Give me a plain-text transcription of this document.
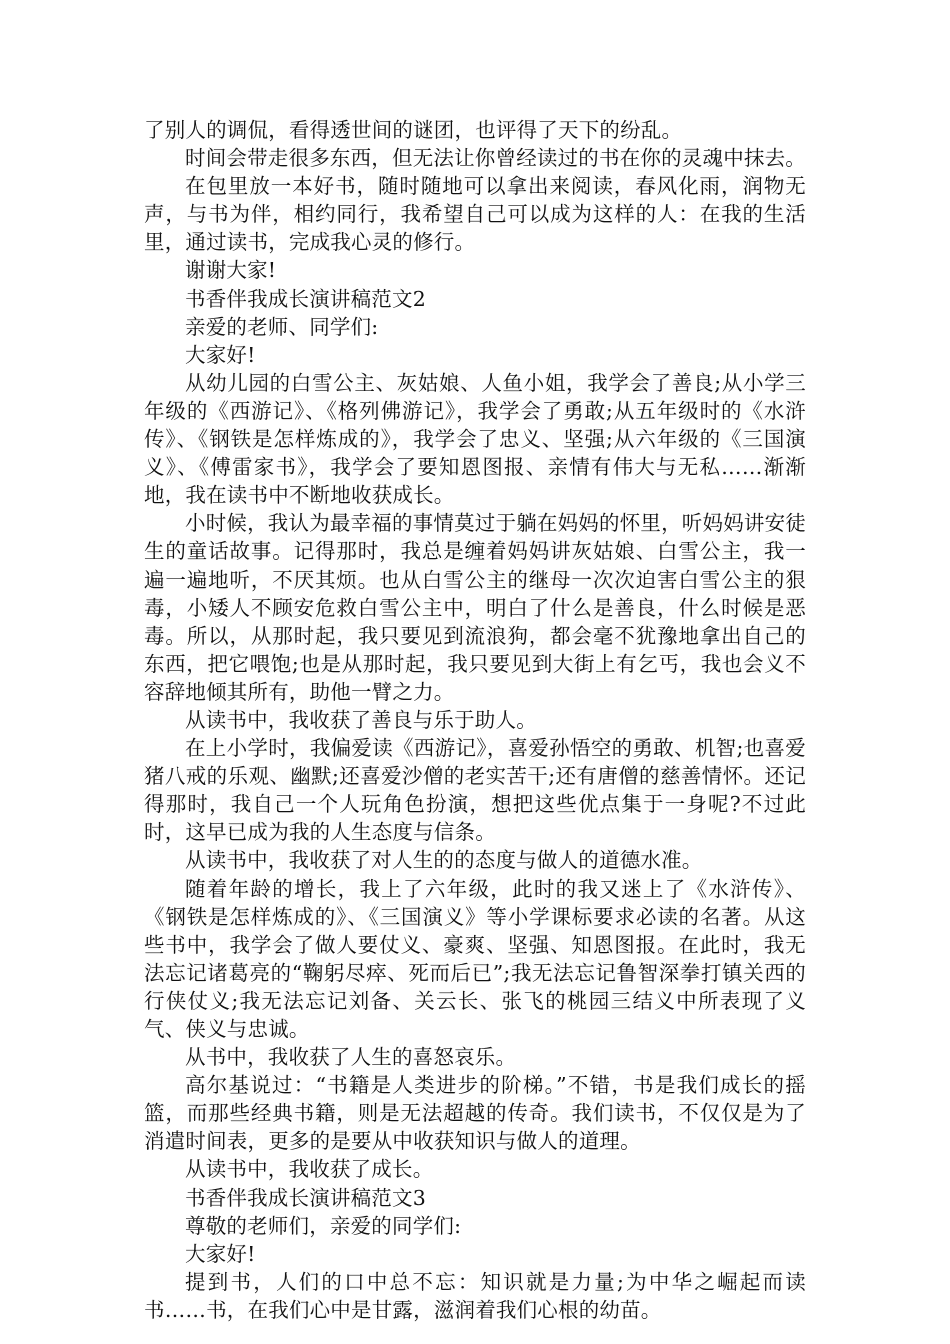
了别人的调侃，看得透世间的谜团，也评得了天下的纷乱。

时间会带走很多东西，但无法让你曾经读过的书在你的灵魂中抹去。

在包里放一本好书，随时随地可以拿出来阅读，春风化雨，润物无声，与书为伴，相约同行，我希望自己可以成为这样的人：在我的生活里，通过读书，完成我心灵的修行。

谢谢大家!

书香伴我成长演讲稿范文2

亲爱的老师、同学们:

大家好!

从幼儿园的白雪公主、灰姑娘、人鱼小姐，我学会了善良;从小学三年级的《西游记》、《格列佛游记》，我学会了勇敢;从五年级时的《水浒传》、《钢铁是怎样炼成的》，我学会了忠义、坚强;从六年级的《三国演义》、《傅雷家书》，我学会了要知恩图报、亲情有伟大与无私……渐渐地，我在读书中不断地收获成长。

小时候，我认为最幸福的事情莫过于躺在妈妈的怀里，听妈妈讲安徒生的童话故事。记得那时，我总是缠着妈妈讲灰姑娘、白雪公主，我一遍一遍地听，不厌其烦。也从白雪公主的继母一次次迫害白雪公主的狠毒，小矮人不顾安危救白雪公主中，明白了什么是善良，什么时候是恶毒。所以，从那时起，我只要见到流浪狗，都会毫不犹豫地拿出自己的东西，把它喂饱;也是从那时起，我只要见到大街上有乞丐，我也会义不容辞地倾其所有，助他一臂之力。

从读书中，我收获了善良与乐于助人。

在上小学时，我偏爱读《西游记》，喜爱孙悟空的勇敢、机智;也喜爱猪八戒的乐观、幽默;还喜爱沙僧的老实苦干;还有唐僧的慈善情怀。还记得那时，我自己一个人玩角色扮演，想把这些优点集于一身呢?不过此时，这早已成为我的人生态度与信条。

从读书中，我收获了对人生的的态度与做人的道德水准。

随着年龄的增长，我上了六年级，此时的我又迷上了《水浒传》、《钢铁是怎样炼成的》、《三国演义》等小学课标要求必读的名著。从这些书中，我学会了做人要仗义、豪爽、坚强、知恩图报。在此时，我无法忘记诸葛亮的“鞠躬尽瘁、死而后已”;我无法忘记鲁智深拳打镇关西的行侠仗义;我无法忘记刘备、关云长、张飞的桃园三结义中所表现了义气、侠义与忠诚。

从书中，我收获了人生的喜怒哀乐。

高尔基说过：“书籍是人类进步的阶梯。”不错，书是我们成长的摇篮，而那些经典书籍，则是无法超越的传奇。我们读书，不仅仅是为了消遣时间表，更多的是要从中收获知识与做人的道理。

从读书中，我收获了成长。

书香伴我成长演讲稿范文3

尊敬的老师们，亲爱的同学们:

大家好!

提到书，人们的口中总不忘：知识就是力量;为中华之崛起而读书……书，在我们心中是甘露，滋润着我们心根的幼苗。
